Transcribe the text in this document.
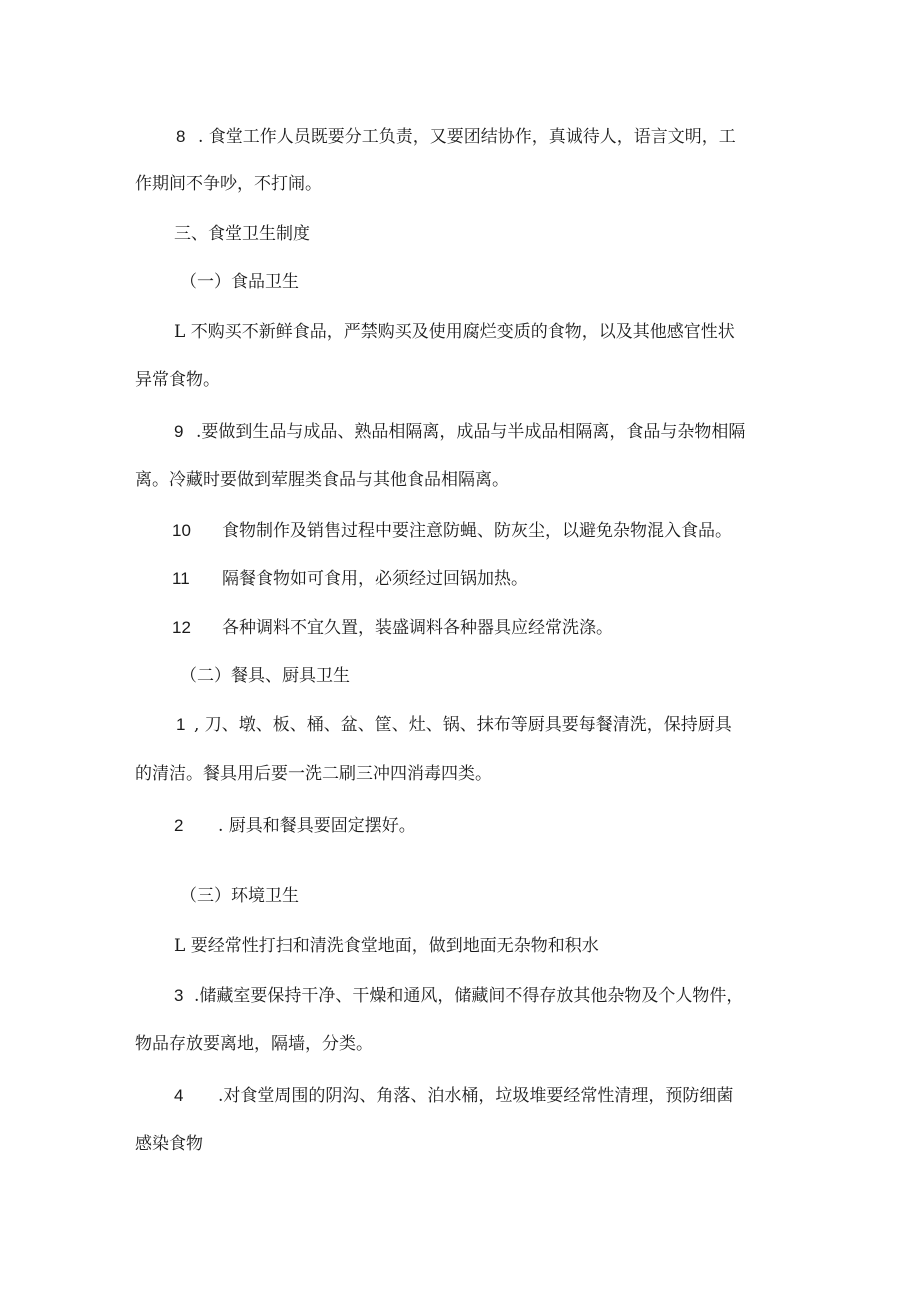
8 . 食堂工作人员既要分工负责，又要团结协作，真诚待人，语言文明，工
作期间不争吵，不打闹。
三、食堂卫生制度
（一）食品卫生
L 不购买不新鲜食品，严禁购买及使用腐烂变质的食物，以及其他感官性状
异常食物。
9 .要做到生品与成品、熟品相隔离，成品与半成品相隔离，食品与杂物相隔
离。冷藏时要做到荤腥类食品与其他食品相隔离。
10 食物制作及销售过程中要注意防蝇、防灰尘，以避免杂物混入食品。
11 隔餐食物如可食用，必须经过回锅加热。
12 各种调料不宜久置，装盛调料各种器具应经常洗涤。
（二）餐具、厨具卫生
1 , 刀、墩、板、桶、盆、筐、灶、锅、抹布等厨具要每餐清洗，保持厨具
的清洁。餐具用后要一洗二刷三冲四消毒四类。
2 . 厨具和餐具要固定摆好。
（三）环境卫生
L 要经常性打扫和清洗食堂地面，做到地面无杂物和积水
3 .储藏室要保持干净、干燥和通风，储藏间不得存放其他杂物及个人物件，
物品存放要离地，隔墙，分类。
4 .对食堂周围的阴沟、角落、泊水桶，垃圾堆要经常性清理，预防细菌
感染食物
